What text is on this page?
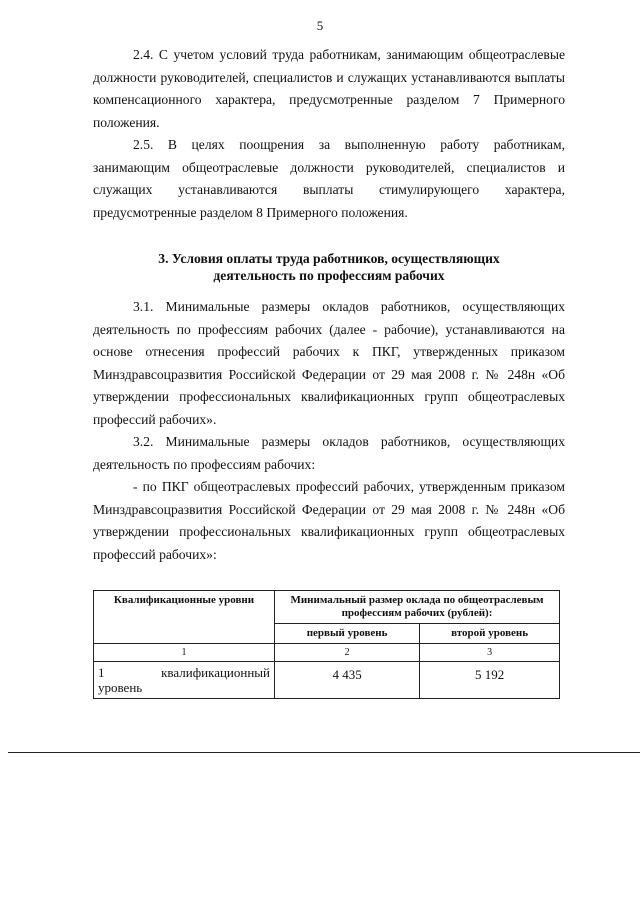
5

2.4. С учетом условий труда работникам, занимающим общеотраслевые должности руководителей, специалистов и служащих устанавливаются выплаты компенсационного характера, предусмотренные разделом 7 Примерного положения.

2.5. В целях поощрения за выполненную работу работникам, занимающим общеотраслевые должности руководителей, специалистов и служащих устанавливаются выплаты стимулирующего характера, предусмотренные разделом 8 Примерного положения.

3. Условия оплаты труда работников, осуществляющих
деятельность по профессиям рабочих

3.1. Минимальные размеры окладов работников, осуществляющих деятельность по профессиям рабочих (далее - рабочие), устанавливаются на основе отнесения профессий рабочих к ПКГ, утвержденных приказом Минздравсоцразвития Российской Федерации от 29 мая 2008 г. № 248н «Об утверждении профессиональных квалификационных групп общеотраслевых профессий рабочих».

3.2. Минимальные размеры окладов работников, осуществляющих деятельность по профессиям рабочих:

- по ПКГ общеотраслевых профессий рабочих, утвержденным приказом Минздравсоцразвития Российской Федерации от 29 мая 2008 г. № 248н «Об утверждении профессиональных квалификационных групп общеотраслевых профессий рабочих»:

Квалификационные уровни	Минимальный размер оклада по общеотраслевым профессиям рабочих (рублей):	
	первый уровень	второй уровень
1	2	3

1 квалификационный
уровень	4 435	5 192
